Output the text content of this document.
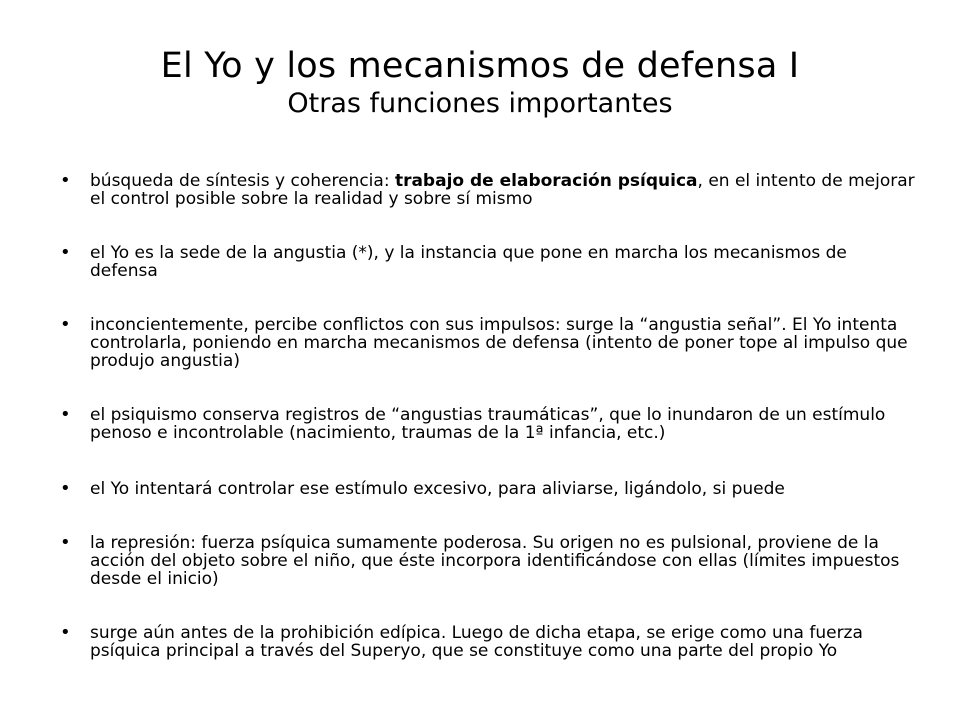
El Yo y los mecanismos de defensa I
Otras funciones importantes
•	búsqueda de síntesis y coherencia: trabajo de elaboración psíquica, en el intento de mejorar el control posible sobre la realidad y sobre sí mismo
•	el Yo es la sede de la angustia (*), y la instancia que pone en marcha los mecanismos de defensa
•	inconcientemente, percibe conflictos con sus impulsos: surge la “angustia señal”. El Yo intenta controlarla, poniendo en marcha mecanismos de defensa (intento de poner tope al impulso que produjo angustia)
•	el psiquismo conserva registros de “angustias traumáticas”, que lo inundaron de un estímulo penoso e incontrolable (nacimiento, traumas de la 1ª infancia, etc.)
•	el Yo intentará controlar ese estímulo excesivo, para aliviarse, ligándolo, si puede
•	la represión: fuerza psíquica sumamente poderosa. Su origen no es pulsional, proviene de la acción del objeto sobre el niño, que éste incorpora identificándose con ellas (límites impuestos desde el inicio)
•	surge aún antes de la prohibición edípica. Luego de dicha etapa, se erige como una fuerza psíquica principal a través del Superyo, que se constituye como una parte del propio Yo
